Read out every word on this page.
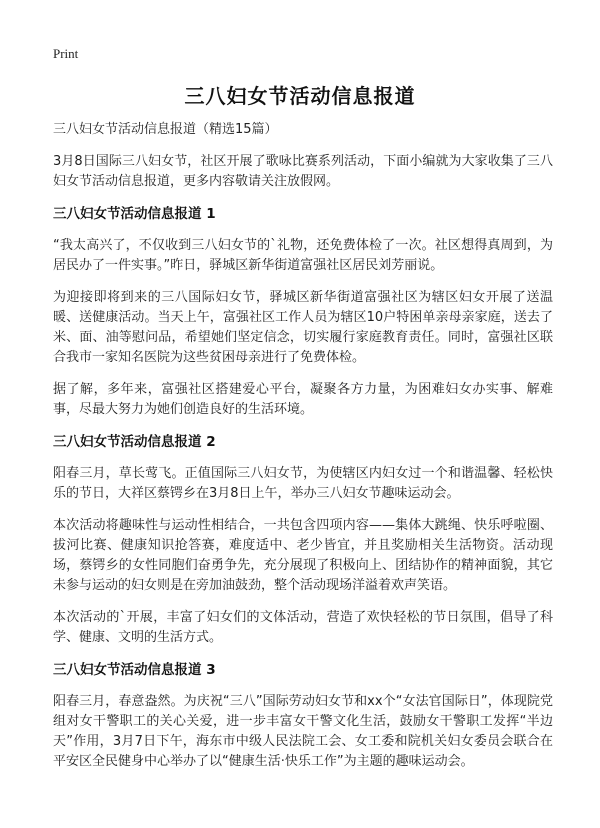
Print
三八妇女节活动信息报道

三八妇女节活动信息报道（精选15篇）

3月8日国际三八妇女节，社区开展了歌咏比赛系列活动，下面小编就为大家收集了三八妇女节活动信息报道，更多内容敬请关注放假网。

三八妇女节活动信息报道 1

“我太高兴了，不仅收到三八妇女节的`礼物，还免费体检了一次。社区想得真周到，为居民办了一件实事。”昨日，驿城区新华街道富强社区居民刘芳丽说。

为迎接即将到来的三八国际妇女节，驿城区新华街道富强社区为辖区妇女开展了送温暖、送健康活动。当天上午，富强社区工作人员为辖区10户特困单亲母亲家庭，送去了米、面、油等慰问品，希望她们坚定信念，切实履行家庭教育责任。同时，富强社区联合我市一家知名医院为这些贫困母亲进行了免费体检。

据了解，多年来，富强社区搭建爱心平台，凝聚各方力量，为困难妇女办实事、解难事，尽最大努力为她们创造良好的生活环境。

三八妇女节活动信息报道 2

阳春三月，草长莺飞。正值国际三八妇女节，为使辖区内妇女过一个和谐温馨、轻松快乐的节日，大祥区蔡锷乡在3月8日上午，举办三八妇女节趣味运动会。

本次活动将趣味性与运动性相结合，一共包含四项内容——集体大跳绳、快乐呼啦圈、拔河比赛、健康知识抢答赛，难度适中、老少皆宜，并且奖励相关生活物资。活动现场，蔡锷乡的女性同胞们奋勇争先，充分展现了积极向上、团结协作的精神面貌，其它未参与运动的妇女则是在旁加油鼓劲，整个活动现场洋溢着欢声笑语。

本次活动的`开展，丰富了妇女们的文体活动，营造了欢快轻松的节日氛围，倡导了科学、健康、文明的生活方式。

三八妇女节活动信息报道 3

阳春三月，春意盎然。为庆祝“三八”国际劳动妇女节和xx个“女法官国际日”，体现院党组对女干警职工的关心关爱，进一步丰富女干警文化生活，鼓励女干警职工发挥“半边天”作用，3月7日下午，海东市中级人民法院工会、女工委和院机关妇女委员会联合在平安区全民健身中心举办了以“健康生活·快乐工作”为主题的趣味运动会。
